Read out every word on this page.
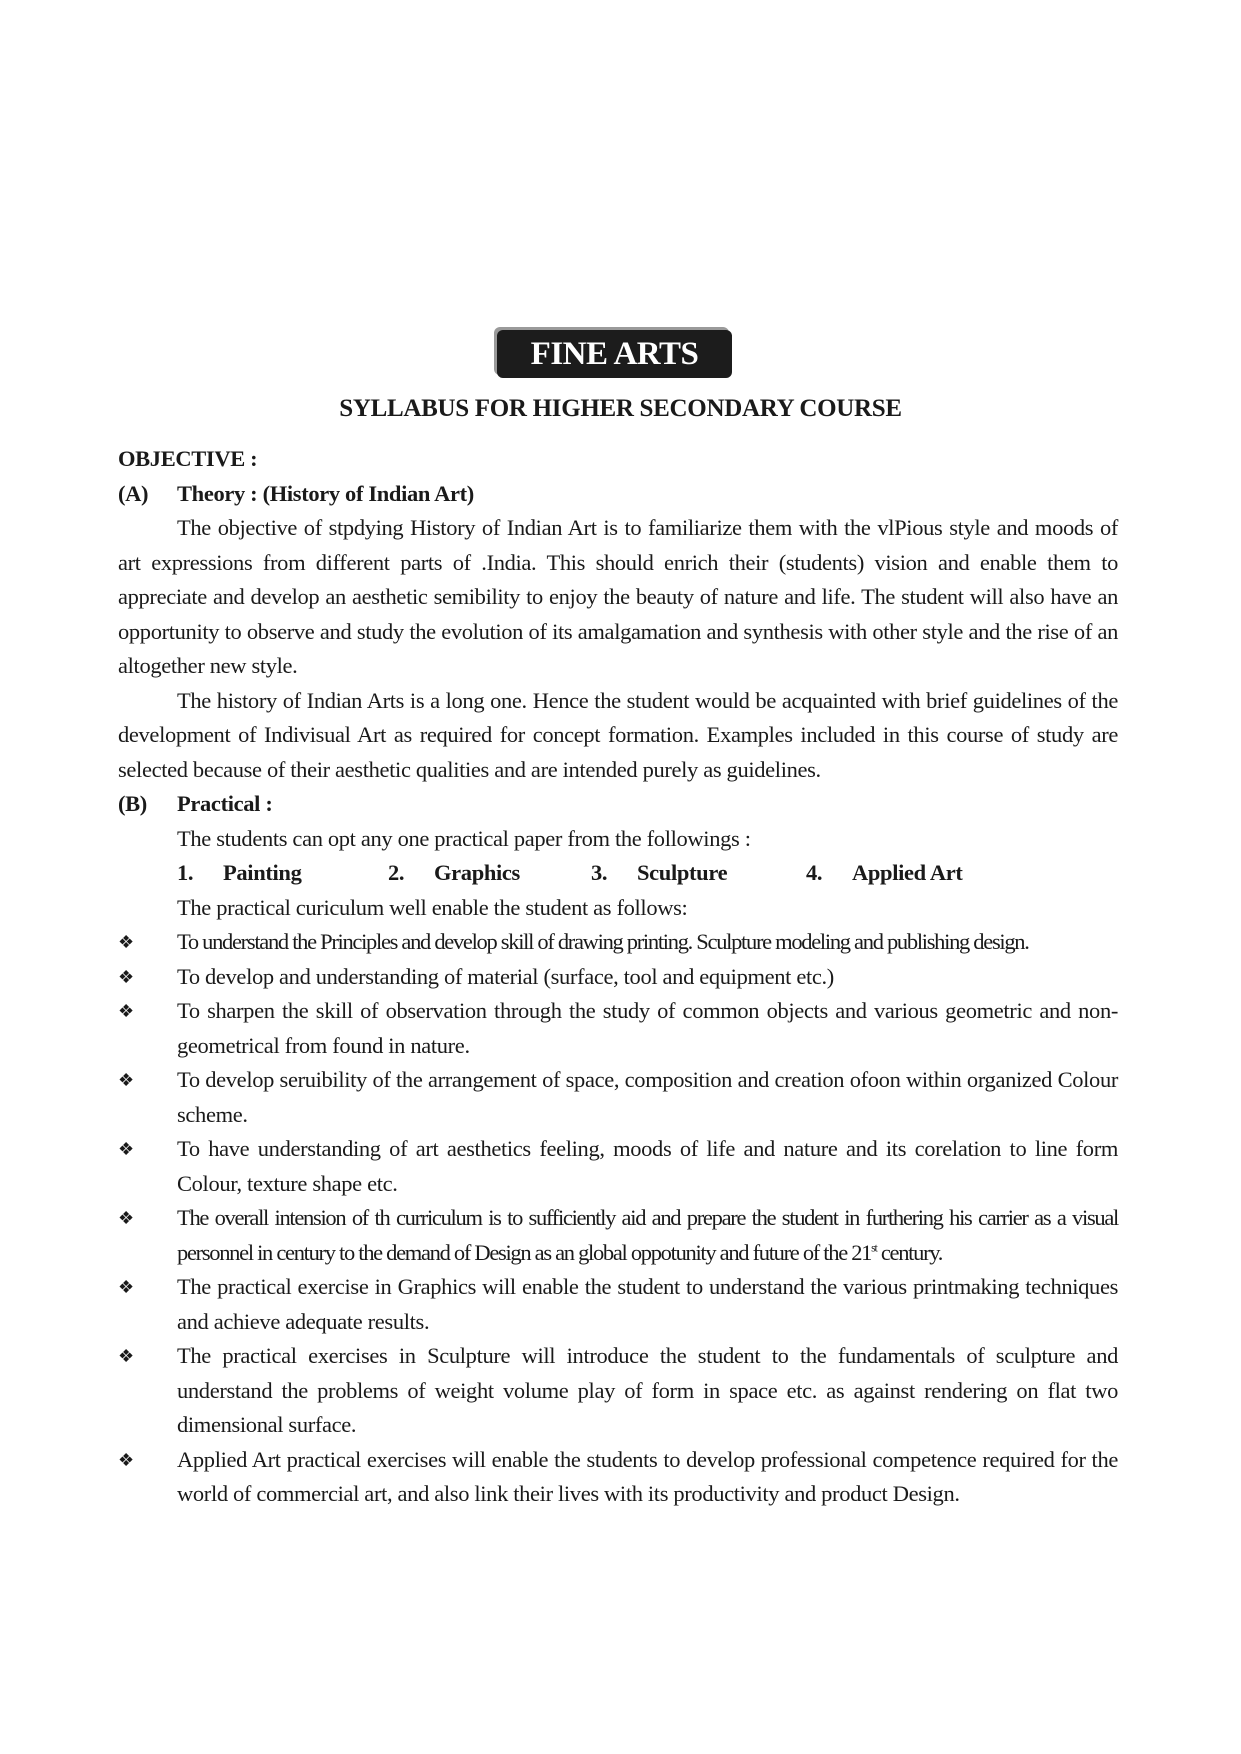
FINE ARTS
SYLLABUS FOR HIGHER SECONDARY COURSE

OBJECTIVE :

(A)	Theory : (History of Indian Art)

The objective of stpdying History of Indian Art is to familiarize them with the vlPious style and moods of art expressions from different parts of .India. This should enrich their (students) vision and enable them to appreciate and develop an aesthetic semibility to enjoy the beauty of nature and life. The student will also have an opportunity to observe and study the evolution of its amalgamation and synthesis with other style and the rise of an altogether new style.

The history of Indian Arts is a long one. Hence the student would be acquainted with brief guidelines of the development of Indivisual Art as required for concept formation. Examples included in this course of study are selected because of their aesthetic qualities and are intended purely as guidelines.

(B)	Practical :

The students can opt any one practical paper from the followings :

1.	Painting	2.	Graphics	3.	Sculpture	4.	Applied Art

The practical curiculum well enable the student as follows:

❖	To understand the Principles and develop skill of drawing printing. Sculpture modeling and publishing design.
❖	To develop and understanding of material (surface, tool and equipment etc.)
❖	To sharpen the skill of observation through the study of common objects and various geometric and non-geometrical from found in nature.
❖	To develop seruibility of the arrangement of space, composition and creation ofoon within organized Colour scheme.
❖	To have understanding of art aesthetics feeling, moods of life and nature and its corelation to line form Colour, texture shape etc.
❖	The overall intension of th curriculum is to sufficiently aid and prepare the student in furthering his carrier as a visual personnel in century to the demand of Design as an global oppotunity and future of the 21st century.
❖	The practical exercise in Graphics will enable the student to understand the various printmaking techniques and achieve adequate results.
❖	The practical exercises in Sculpture will introduce the student to the fundamentals of sculpture and understand the problems of weight volume play of form in space etc. as against rendering on flat two dimensional surface.
❖	Applied Art practical exercises will enable the students to develop professional competence required for the world of commercial art, and also link their lives with its productivity and product Design.
